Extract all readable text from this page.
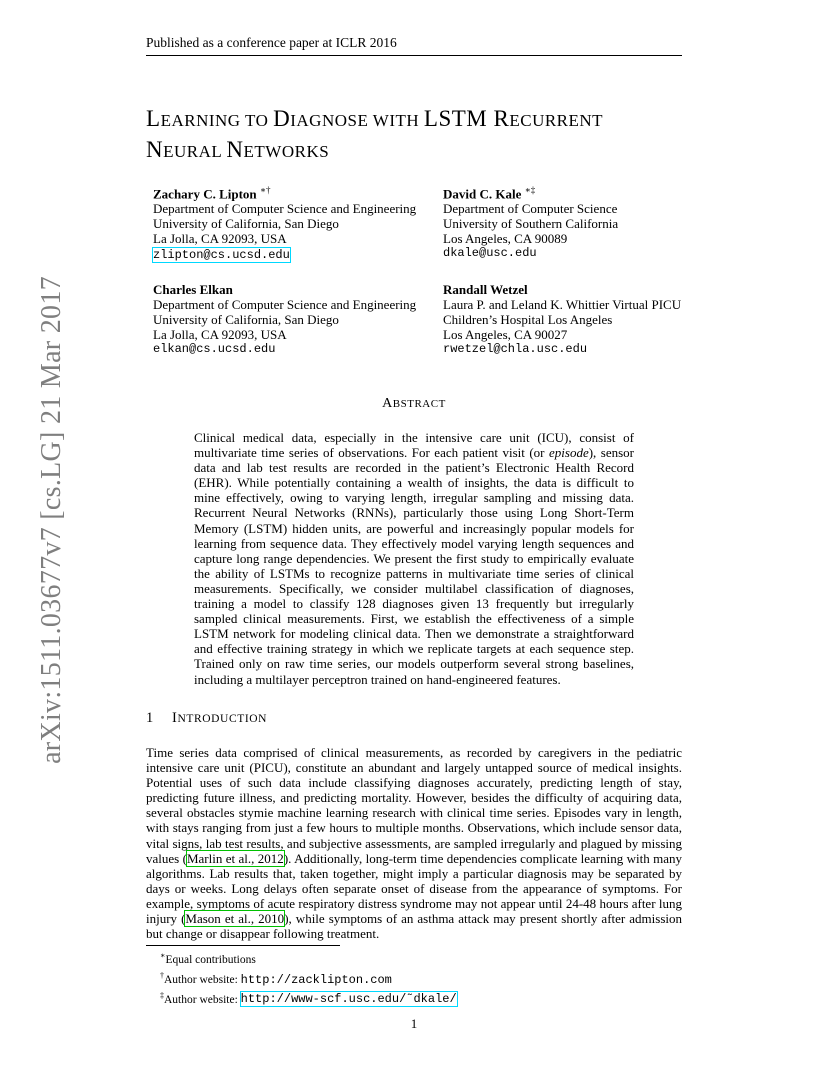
Published as a conference paper at ICLR 2016
LEARNING TO DIAGNOSE WITH LSTM RECURRENT
NEURAL NETWORKS
Zachary C. Lipton ∗†
Department of Computer Science and Engineering
University of California, San Diego
La Jolla, CA 92093, USA
zlipton@cs.ucsd.edu
David C. Kale ∗‡
Department of Computer Science
University of Southern California
Los Angeles, CA 90089
dkale@usc.edu
Charles Elkan
Department of Computer Science and Engineering
University of California, San Diego
La Jolla, CA 92093, USA
elkan@cs.ucsd.edu
Randall Wetzel
Laura P. and Leland K. Whittier Virtual PICU
Children’s Hospital Los Angeles
Los Angeles, CA 90027
rwetzel@chla.usc.edu
ABSTRACT
Clinical medical data, especially in the intensive care unit (ICU), consist of multivariate time series of observations. For each patient visit (or episode), sensor data and lab test results are recorded in the patient’s Electronic Health Record (EHR). While potentially containing a wealth of insights, the data is difficult to mine effectively, owing to varying length, irregular sampling and missing data. Recurrent Neural Networks (RNNs), particularly those using Long Short-Term Memory (LSTM) hidden units, are powerful and increasingly popular models for learning from sequence data. They effectively model varying length sequences and capture long range dependencies. We present the first study to empirically evaluate the ability of LSTMs to recognize patterns in multivariate time series of clinical measurements. Specifically, we consider multilabel classification of diagnoses, training a model to classify 128 diagnoses given 13 frequently but irregularly sampled clinical measurements. First, we establish the effectiveness of a simple LSTM network for modeling clinical data. Then we demonstrate a straightforward and effective training strategy in which we replicate targets at each sequence step. Trained only on raw time series, our models outperform several strong baselines, including a multilayer perceptron trained on hand-engineered features.
1 INTRODUCTION
Time series data comprised of clinical measurements, as recorded by caregivers in the pediatric intensive care unit (PICU), constitute an abundant and largely untapped source of medical insights. Potential uses of such data include classifying diagnoses accurately, predicting length of stay, predicting future illness, and predicting mortality. However, besides the difficulty of acquiring data, several obstacles stymie machine learning research with clinical time series. Episodes vary in length, with stays ranging from just a few hours to multiple months. Observations, which include sensor data, vital signs, lab test results, and subjective assessments, are sampled irregularly and plagued by missing values (Marlin et al., 2012). Additionally, long-term time dependencies complicate learning with many algorithms. Lab results that, taken together, might imply a particular diagnosis may be separated by days or weeks. Long delays often separate onset of disease from the appearance of symptoms. For example, symptoms of acute respiratory distress syndrome may not appear until 24-48 hours after lung injury (Mason et al., 2010), while symptoms of an asthma attack may present shortly after admission but change or disappear following treatment.
∗Equal contributions
†Author website: http://zacklipton.com
‡Author website: http://www-scf.usc.edu/˜dkale/
1
arXiv:1511.03677v7 [cs.LG] 21 Mar 2017
